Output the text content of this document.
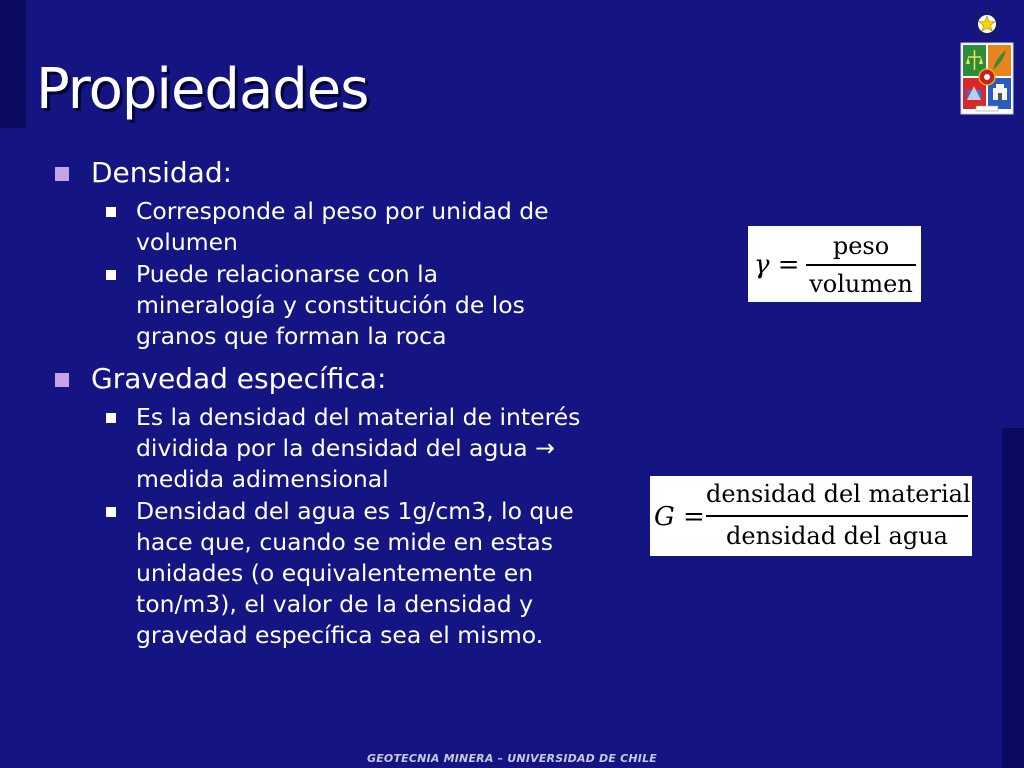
Propiedades
Densidad:
Corresponde al peso por unidad de volumen
Puede relacionarse con la mineralogía y constitución de los granos que forman la roca
Gravedad específica:
Es la densidad del material de interés dividida por la densidad del agua → medida adimensional
Densidad del agua es 1g/cm3, lo que hace que, cuando se mide en estas unidades (o equivalentemente en ton/m3), el valor de la densidad y gravedad específica sea el mismo.
γ =
peso
volumen
G =
densidad del material
densidad del agua
GEOTECNIA MINERA – UNIVERSIDAD DE CHILE
